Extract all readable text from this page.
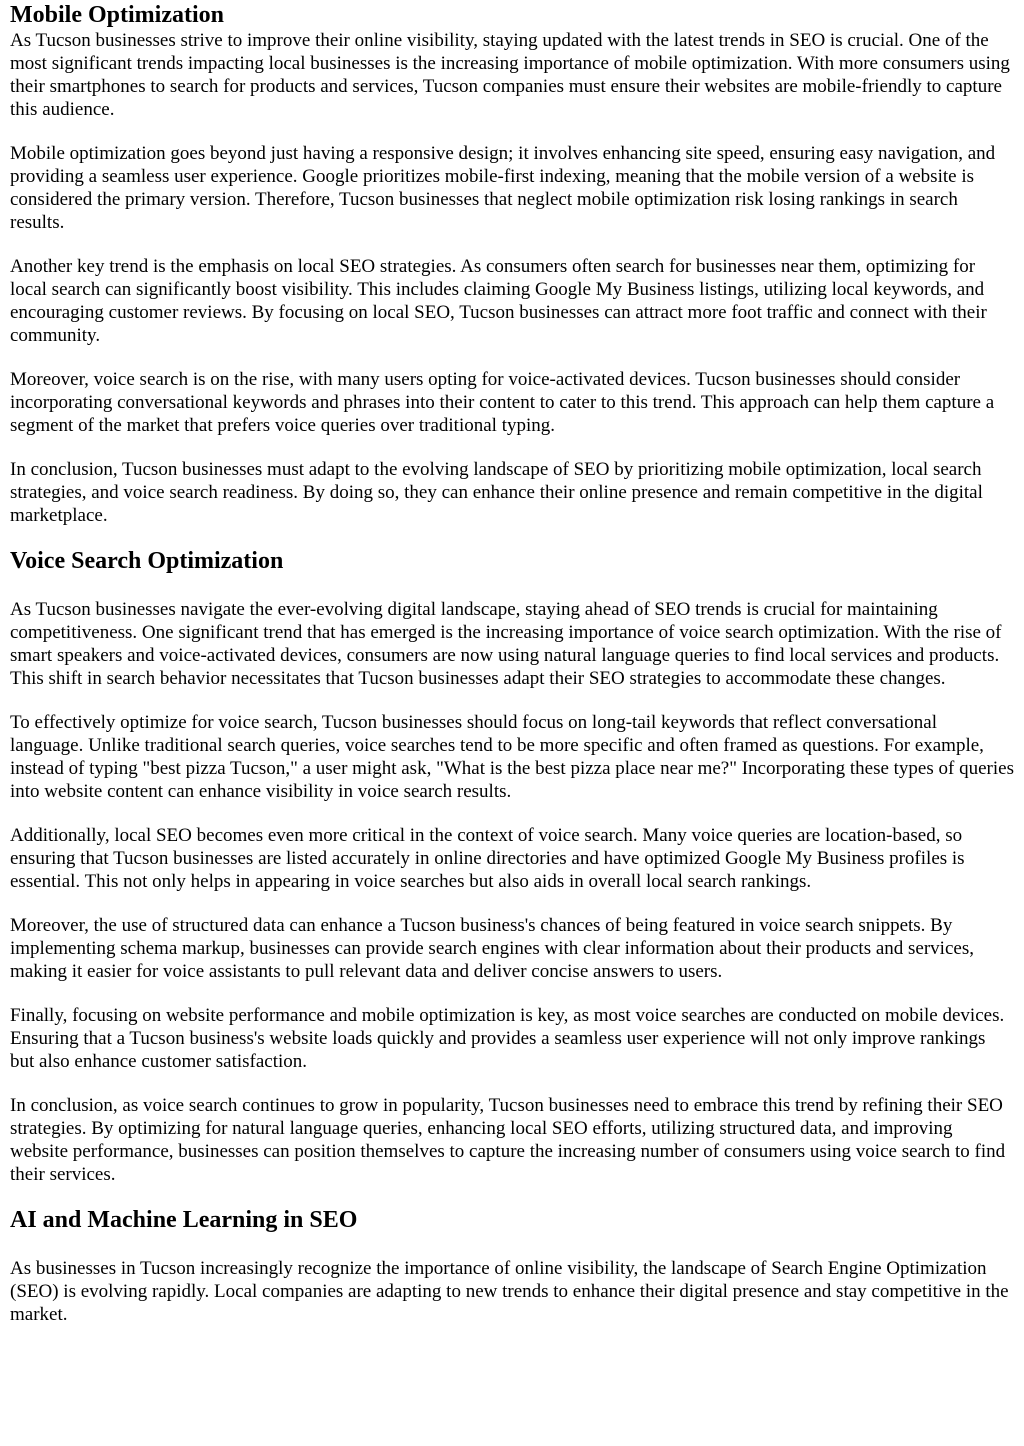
Mobile Optimization

As Tucson businesses strive to improve their online visibility, staying updated with the latest trends in SEO is crucial. One of the most significant trends impacting local businesses is the increasing importance of mobile optimization. With more consumers using their smartphones to search for products and services, Tucson companies must ensure their websites are mobile-friendly to capture this audience.

Mobile optimization goes beyond just having a responsive design; it involves enhancing site speed, ensuring easy navigation, and providing a seamless user experience. Google prioritizes mobile-first indexing, meaning that the mobile version of a website is considered the primary version. Therefore, Tucson businesses that neglect mobile optimization risk losing rankings in search results.

Another key trend is the emphasis on local SEO strategies. As consumers often search for businesses near them, optimizing for local search can significantly boost visibility. This includes claiming Google My Business listings, utilizing local keywords, and encouraging customer reviews. By focusing on local SEO, Tucson businesses can attract more foot traffic and connect with their community.

Moreover, voice search is on the rise, with many users opting for voice-activated devices. Tucson businesses should consider incorporating conversational keywords and phrases into their content to cater to this trend. This approach can help them capture a segment of the market that prefers voice queries over traditional typing.

In conclusion, Tucson businesses must adapt to the evolving landscape of SEO by prioritizing mobile optimization, local search strategies, and voice search readiness. By doing so, they can enhance their online presence and remain competitive in the digital marketplace.

Voice Search Optimization

As Tucson businesses navigate the ever-evolving digital landscape, staying ahead of SEO trends is crucial for maintaining competitiveness. One significant trend that has emerged is the increasing importance of voice search optimization. With the rise of smart speakers and voice-activated devices, consumers are now using natural language queries to find local services and products. This shift in search behavior necessitates that Tucson businesses adapt their SEO strategies to accommodate these changes.

To effectively optimize for voice search, Tucson businesses should focus on long-tail keywords that reflect conversational language. Unlike traditional search queries, voice searches tend to be more specific and often framed as questions. For example, instead of typing "best pizza Tucson," a user might ask, "What is the best pizza place near me?" Incorporating these types of queries into website content can enhance visibility in voice search results.

Additionally, local SEO becomes even more critical in the context of voice search. Many voice queries are location-based, so ensuring that Tucson businesses are listed accurately in online directories and have optimized Google My Business profiles is essential. This not only helps in appearing in voice searches but also aids in overall local search rankings.

Moreover, the use of structured data can enhance a Tucson business's chances of being featured in voice search snippets. By implementing schema markup, businesses can provide search engines with clear information about their products and services, making it easier for voice assistants to pull relevant data and deliver concise answers to users.

Finally, focusing on website performance and mobile optimization is key, as most voice searches are conducted on mobile devices. Ensuring that a Tucson business's website loads quickly and provides a seamless user experience will not only improve rankings but also enhance customer satisfaction.

In conclusion, as voice search continues to grow in popularity, Tucson businesses need to embrace this trend by refining their SEO strategies. By optimizing for natural language queries, enhancing local SEO efforts, utilizing structured data, and improving website performance, businesses can position themselves to capture the increasing number of consumers using voice search to find their services.

AI and Machine Learning in SEO

As businesses in Tucson increasingly recognize the importance of online visibility, the landscape of Search Engine Optimization (SEO) is evolving rapidly. Local companies are adapting to new trends to enhance their digital presence and stay competitive in the market.
